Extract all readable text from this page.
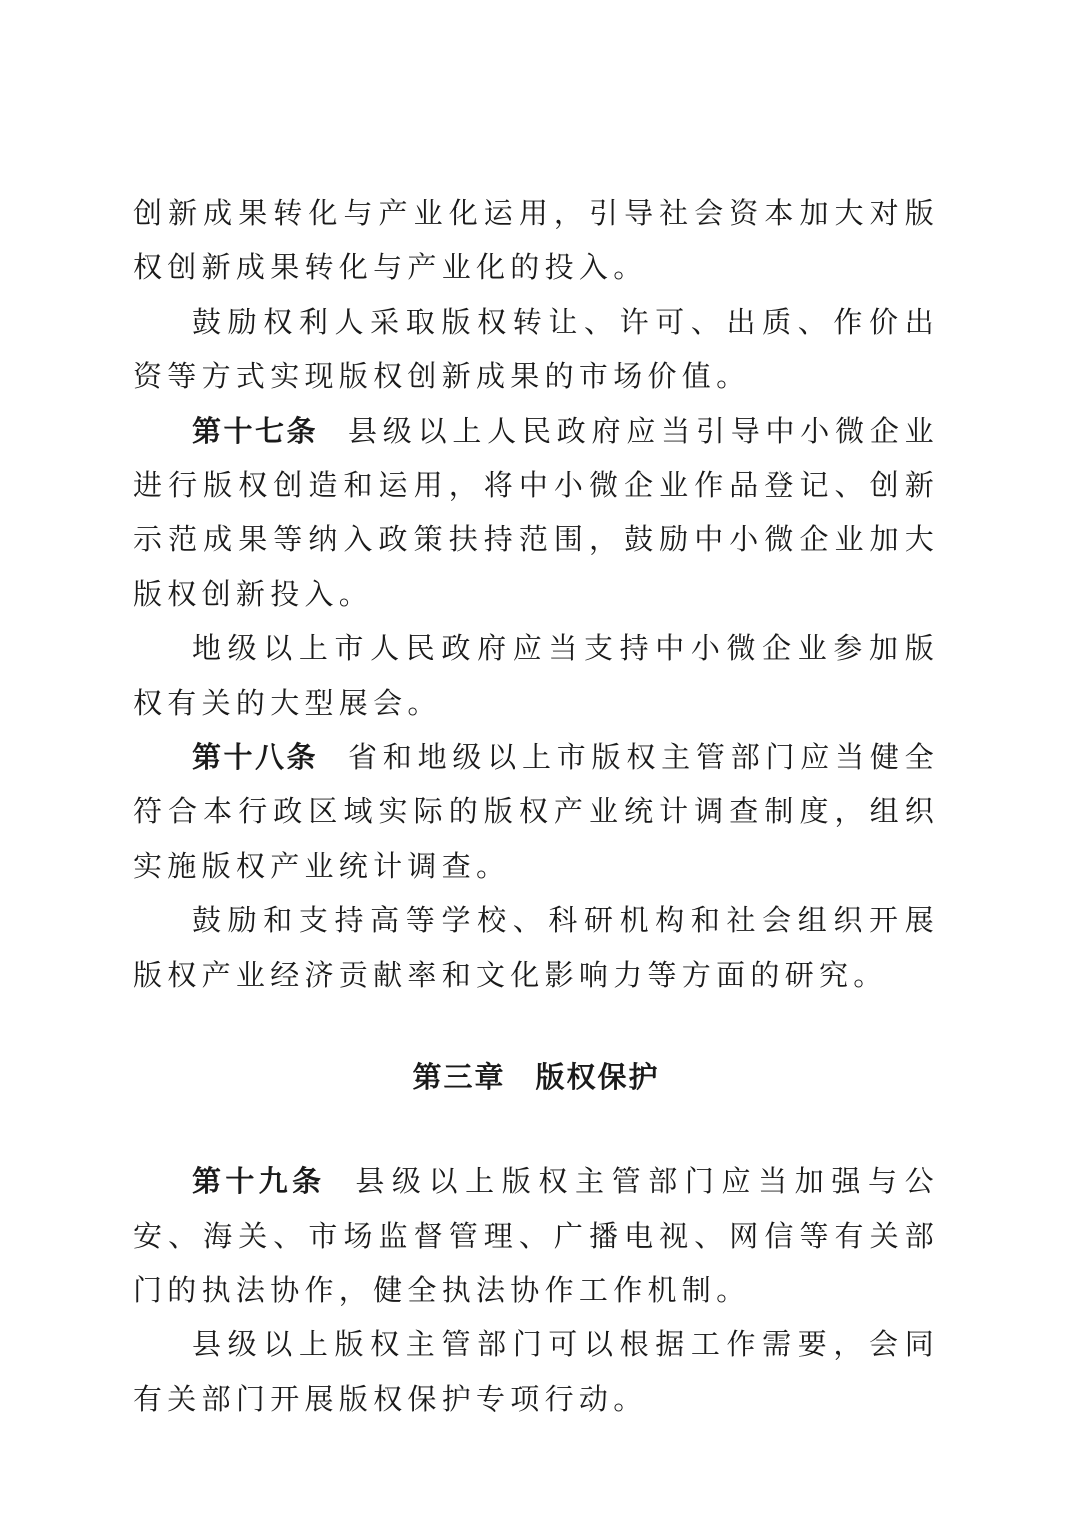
创新成果转化与产业化运用，引导社会资本加大对版权创新成果转化与产业化的投入。

鼓励权利人采取版权转让、许可、出质、作价出资等方式实现版权创新成果的市场价值。

第十七条 县级以上人民政府应当引导中小微企业进行版权创造和运用，将中小微企业作品登记、创新示范成果等纳入政策扶持范围，鼓励中小微企业加大版权创新投入。

地级以上市人民政府应当支持中小微企业参加版权有关的大型展会。

第十八条 省和地级以上市版权主管部门应当健全符合本行政区域实际的版权产业统计调查制度，组织实施版权产业统计调查。

鼓励和支持高等学校、科研机构和社会组织开展版权产业经济贡献率和文化影响力等方面的研究。

第三章 版权保护

第十九条 县级以上版权主管部门应当加强与公安、海关、市场监督管理、广播电视、网信等有关部门的执法协作，健全执法协作工作机制。

县级以上版权主管部门可以根据工作需要，会同有关部门开展版权保护专项行动。
